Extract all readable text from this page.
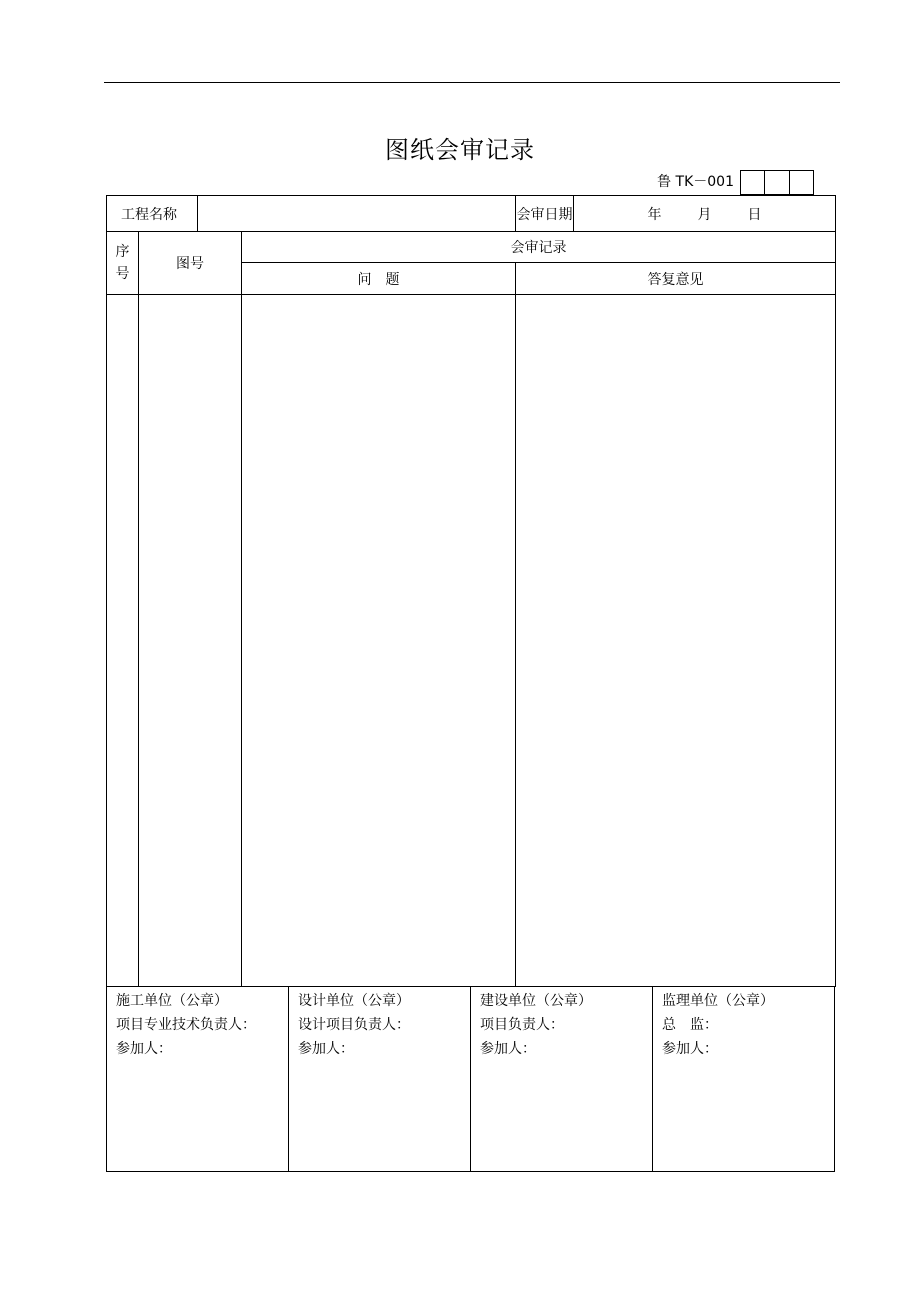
图纸会审记录
鲁 TK－001
工程名称				会审日期	年 月 日

序
号	图号		会审记录		
			问　题	答复意见	

施工单位（公章）
项目专业技术负责人：
参加人：
设计单位（公章）
设计项目负责人：
参加人：
建设单位（公章）
项目负责人：
参加人：
监理单位（公章）
总　监：
参加人：
